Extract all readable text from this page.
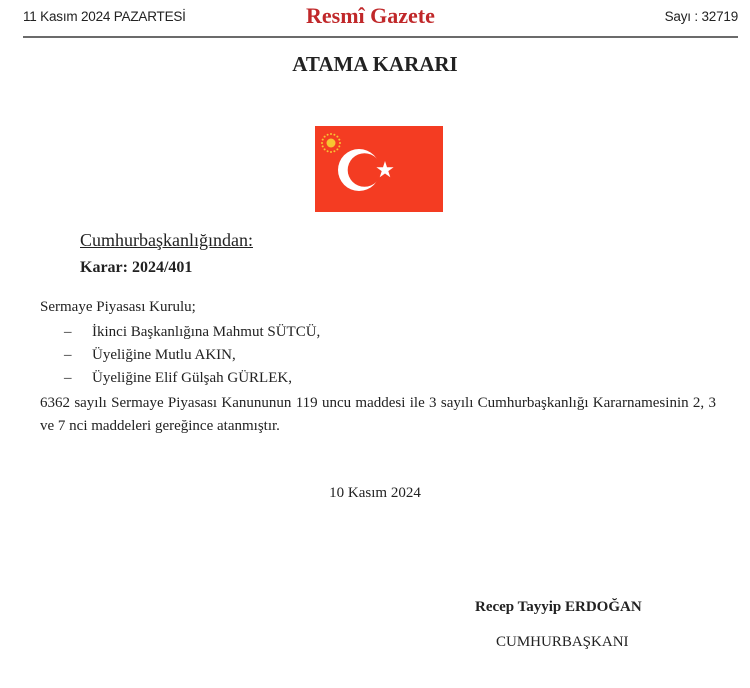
11 Kasım 2024 PAZARTESİ	Resmî Gazete	Sayı : 32719
ATAMA KARARI
Cumhurbaşkanlığından:
Karar: 2024/401
Sermaye Piyasası Kurulu;
– İkinci Başkanlığına Mahmut SÜTCÜ,
– Üyeliğine Mutlu AKIN,
– Üyeliğine Elif Gülşah GÜRLEK,
6362 sayılı Sermaye Piyasası Kanununun 119 uncu maddesi ile 3 sayılı Cumhurbaşkanlığı Kararnamesinin 2, 3 ve 7 nci maddeleri gereğince atanmıştır.
10 Kasım 2024
Recep Tayyip ERDOĞAN
CUMHURBAŞKANI
